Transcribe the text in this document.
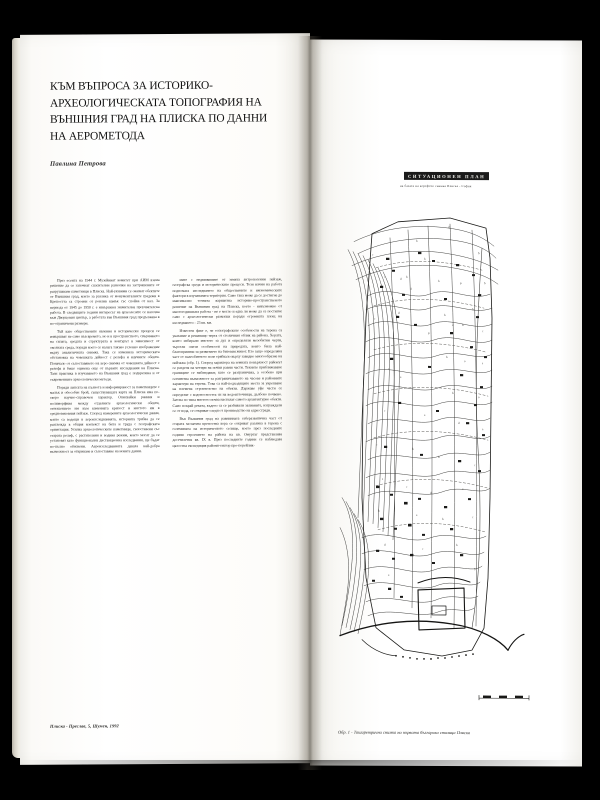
КЪМ ВЪПРОСА ЗА ИСТОРИКО-АРХЕОЛОГИЧЕСКАТА ТОПОГРАФИЯ НА ВЪНШНИЯ ГРАД НА ПЛИСКА ПО ДАННИ НА АЕРОМЕТОДА
Павлина Петрова

През есента на 1944 г. Музейният комитет при АИМ взема решение да се започнат спасителни разкопки на застрашените от разрушаване паметници в Плиска. Най-уязвими се оказват обектите от Външния град, които за разлика от монументалните градежи в Крепостта са строени от ронлив камък със спойка от кал. За периода от 1945 до 1950 г. е извършена значителна проучвателска работа. В следващите години интересът на археолозите се насочва към Дворцовия център, а работата във Външния град продължава в по-ограничени размери.

Тъй като обществените явления и исторически процеси се извършват не само във времето, но и в пространството, свързването на силата, средата и структурата и контурът в зависимост от околната среда, поради което се налага такъво условно изображение върху аналитичната снимка. Така се изменила историческата обстановка на човешката дейност с релефа и научните обекти. Поначало от съпоставянето на аеро снимка от човешката дейност с релефа и беше оценена още от първите изследвания на Плиска. Тази практика в изучаването на Външния град е подкрепена и от съвременните археологически методи.

Поради липсата на пълнота и информираност за паметниците с малък и обособен брой, съществуващата карта на Плиска има по-скоро научно-справочен характер. Описвайки ранния и полиморфния между отделните археологически обекти, отношението им към каменната крепост и мястото им в средновековния пейзаж. Според намерените археологически данни, които са водещи в аероизследванията, историята трябва да се разглежда в общия контекст на бита и труда с географската ориентация. Усилва археологическите паметници, съпоставени със старата релеф, с растителния и водния режим, които могат да се установят като функционална дистанционна изследвания, ще бъдат по-пълно обяснени. Аероизследванията даваха най-добра възможност за откриване и съпоставяне на новите данни.

мите с недвижимите от земята антропогенни пейзаж, географска среда и историческите процеси. Този начин на работа подпомага изследването на обществените и икономическите фактори в изучаваната територия. Само така може да се достигне до максимално точната вариантна историко-пространственото решение на Външния град на Плиска, което - невъзможно от многогодишната работа - не е могло и едва ли може да се постигне само с археологически разкопки поради огромната площ на изследването - 23 кв. км.

Известен факт е, че топографските особености на терена са указание и решаващо черта от столичния облик на района. Хората, които избирали мястото за дул и определяли мезобитни черти, търсели онези особености на природата, които била най-благоприятни за развитието на битовия живот. Ето защо определяна част от палеобитното поле трябвало върху завидно многообразие на пейзажа (обр. 1). Според характера на земната повърхност районът се разделя на четири на почви равни части. Техните приближаване границите се наблюдават, като се разграничава, а особено при сегментна възможност за разграничаването на часове и районните характери на терена. Това са най-подходящите места за укрепване на племена строителство на обекти. Държаве уфе части се определят с водоносността си на водоизточници, дълбоко почвено. Затова по типа мястото почва настилат самото архитектурно обекти. Само покрай реката, където са се разбивали заливните, изграждали се от вода, се откриват следи от производство на едри сгради.

Във Външния град на равнинната себеразвитична част от старата мозаечна крепостна кора се откриват разлика в терена с големината на историческото селище, което през последните години строението на района на кв. Омуртаг представлява десетилетия кв. IX в. През последните години се наблюдава цялостна експедиция райони-сектор про-порейлик-

Плиска - Преслав, 5, Шумен, 1992
СИТУАЦИОНЕН ПЛАН
на базата на аерофото снимка Плиска - София
d
b
b
b
b
p	b
c
c
d b
d
d
b
b
d	b
c
p
r
c
b
o
c
a
s
b
o
c
a
d
a
c
b
b
c
s
c
d
o
b
a
b	c
d
c
b
a
b
Обр. 1 - Таширетрична снимка на първата българска столица Плиска
